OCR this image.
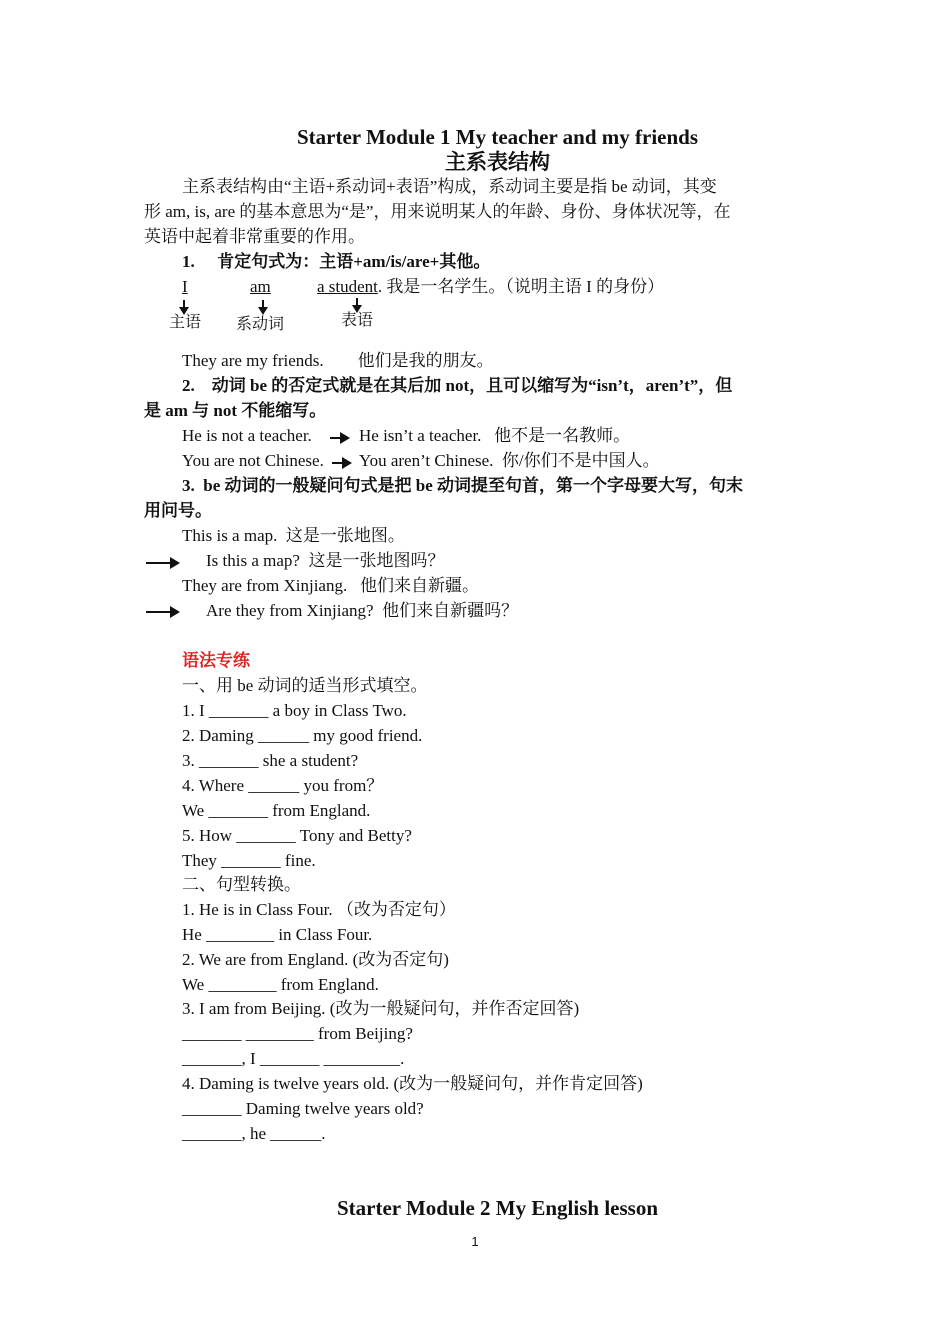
Starter Module 1 My teacher and my friends
主系表结构
主系表结构由“主语+系动词+表语”构成，系动词主要是指 be 动词，其变
形 am, is, are 的基本意思为“是”，用来说明某人的年龄、身份、身体状况等，在
英语中起着非常重要的作用。
1. 肯定句式为：主语+am/is/are+其他。
I	am	a student. 我是一名学生。（说明主语 I 的身份）
主语 系动词	表语
They are my friends.        他们是我的朋友。
2.    动词 be 的否定式就是在其后加 not，且可以缩写为“isn’t，aren’t”，但
是 am 与 not 不能缩写。
He is not a teacher.	He isn’t a teacher.   他不是一名教师。
You are not Chinese. You aren’t Chinese.  你/你们不是中国人。
3.  be 动词的一般疑问句式是把 be 动词提至句首，第一个字母要大写，句末
用问号。
This is a map.  这是一张地图。
Is this a map?  这是一张地图吗？
They are from Xinjiang.   他们来自新疆。
Are they from Xinjiang?  他们来自新疆吗？
语法专练
一、用 be 动词的适当形式填空。
1. I _______ a boy in Class Two.
2. Daming ______ my good friend.
3. _______ she a student?
4. Where ______ you from？
We _______ from England.
5. How _______ Tony and Betty?
They _______ fine.
二、句型转换。
1. He is in Class Four. （改为否定句）
He ________ in Class Four.
2. We are from England. (改为否定句)
We ________ from England.
3. I am from Beijing. (改为一般疑问句，并作否定回答)
_______ ________ from Beijing?
_______, I _______ _________.
4. Daming is twelve years old. (改为一般疑问句，并作肯定回答)
_______ Daming twelve years old?
_______, he ______.
Starter Module 2 My English lesson
1
